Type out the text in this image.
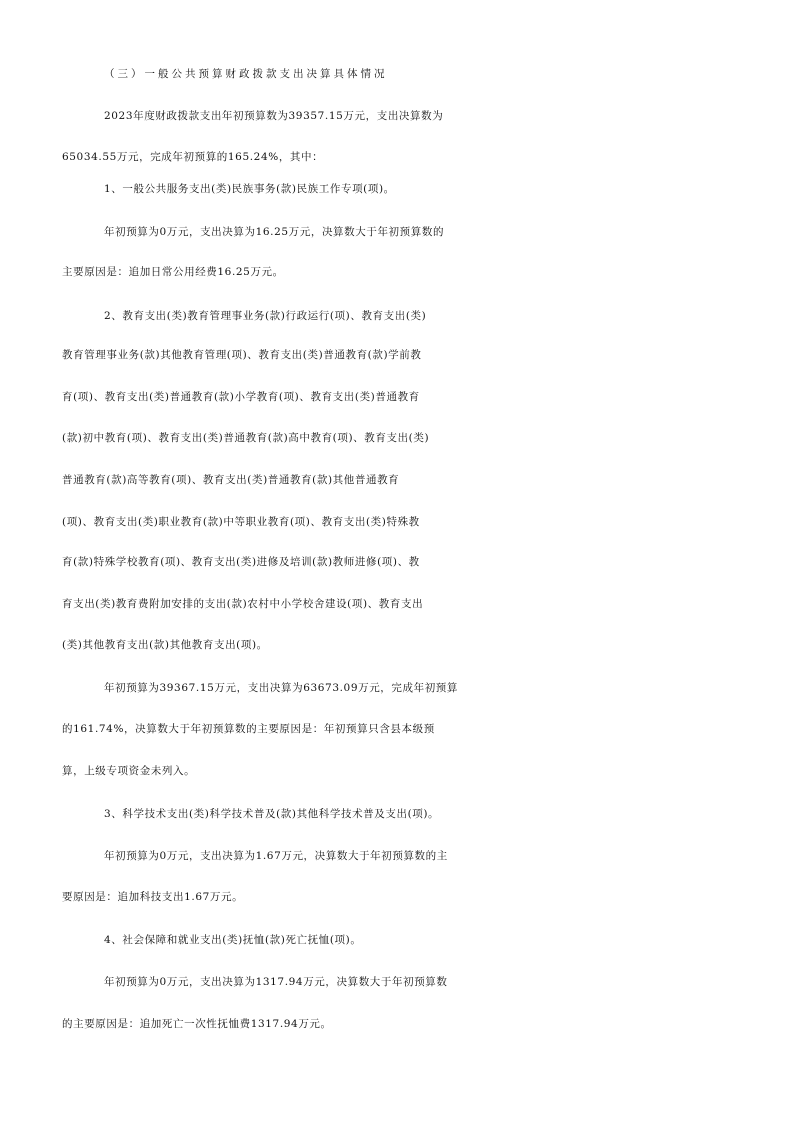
（三）一般公共预算财政拨款支出决算具体情况
2023年度财政拨款支出年初预算数为39357.15万元，支出决算数为
65034.55万元，完成年初预算的165.24%，其中：
1、一般公共服务支出(类)民族事务(款)民族工作专项(项)。
年初预算为0万元，支出决算为16.25万元，决算数大于年初预算数的
主要原因是：追加日常公用经费16.25万元。
2、教育支出(类)教育管理事业务(款)行政运行(项)、教育支出(类)
教育管理事业务(款)其他教育管理(项)、教育支出(类)普通教育(款)学前教
育(项)、教育支出(类)普通教育(款)小学教育(项)、教育支出(类)普通教育
(款)初中教育(项)、教育支出(类)普通教育(款)高中教育(项)、教育支出(类)
普通教育(款)高等教育(项)、教育支出(类)普通教育(款)其他普通教育
(项)、教育支出(类)职业教育(款)中等职业教育(项)、教育支出(类)特殊教
育(款)特殊学校教育(项)、教育支出(类)进修及培训(款)教师进修(项)、教
育支出(类)教育费附加安排的支出(款)农村中小学校舍建设(项)、教育支出
(类)其他教育支出(款)其他教育支出(项)。
年初预算为39367.15万元，支出决算为63673.09万元，完成年初预算
的161.74%，决算数大于年初预算数的主要原因是：年初预算只含县本级预
算，上级专项资金未列入。
3、科学技术支出(类)科学技术普及(款)其他科学技术普及支出(项)。
年初预算为0万元，支出决算为1.67万元，决算数大于年初预算数的主
要原因是：追加科技支出1.67万元。
4、社会保障和就业支出(类)抚恤(款)死亡抚恤(项)。
年初预算为0万元，支出决算为1317.94万元，决算数大于年初预算数
的主要原因是：追加死亡一次性抚恤费1317.94万元。
